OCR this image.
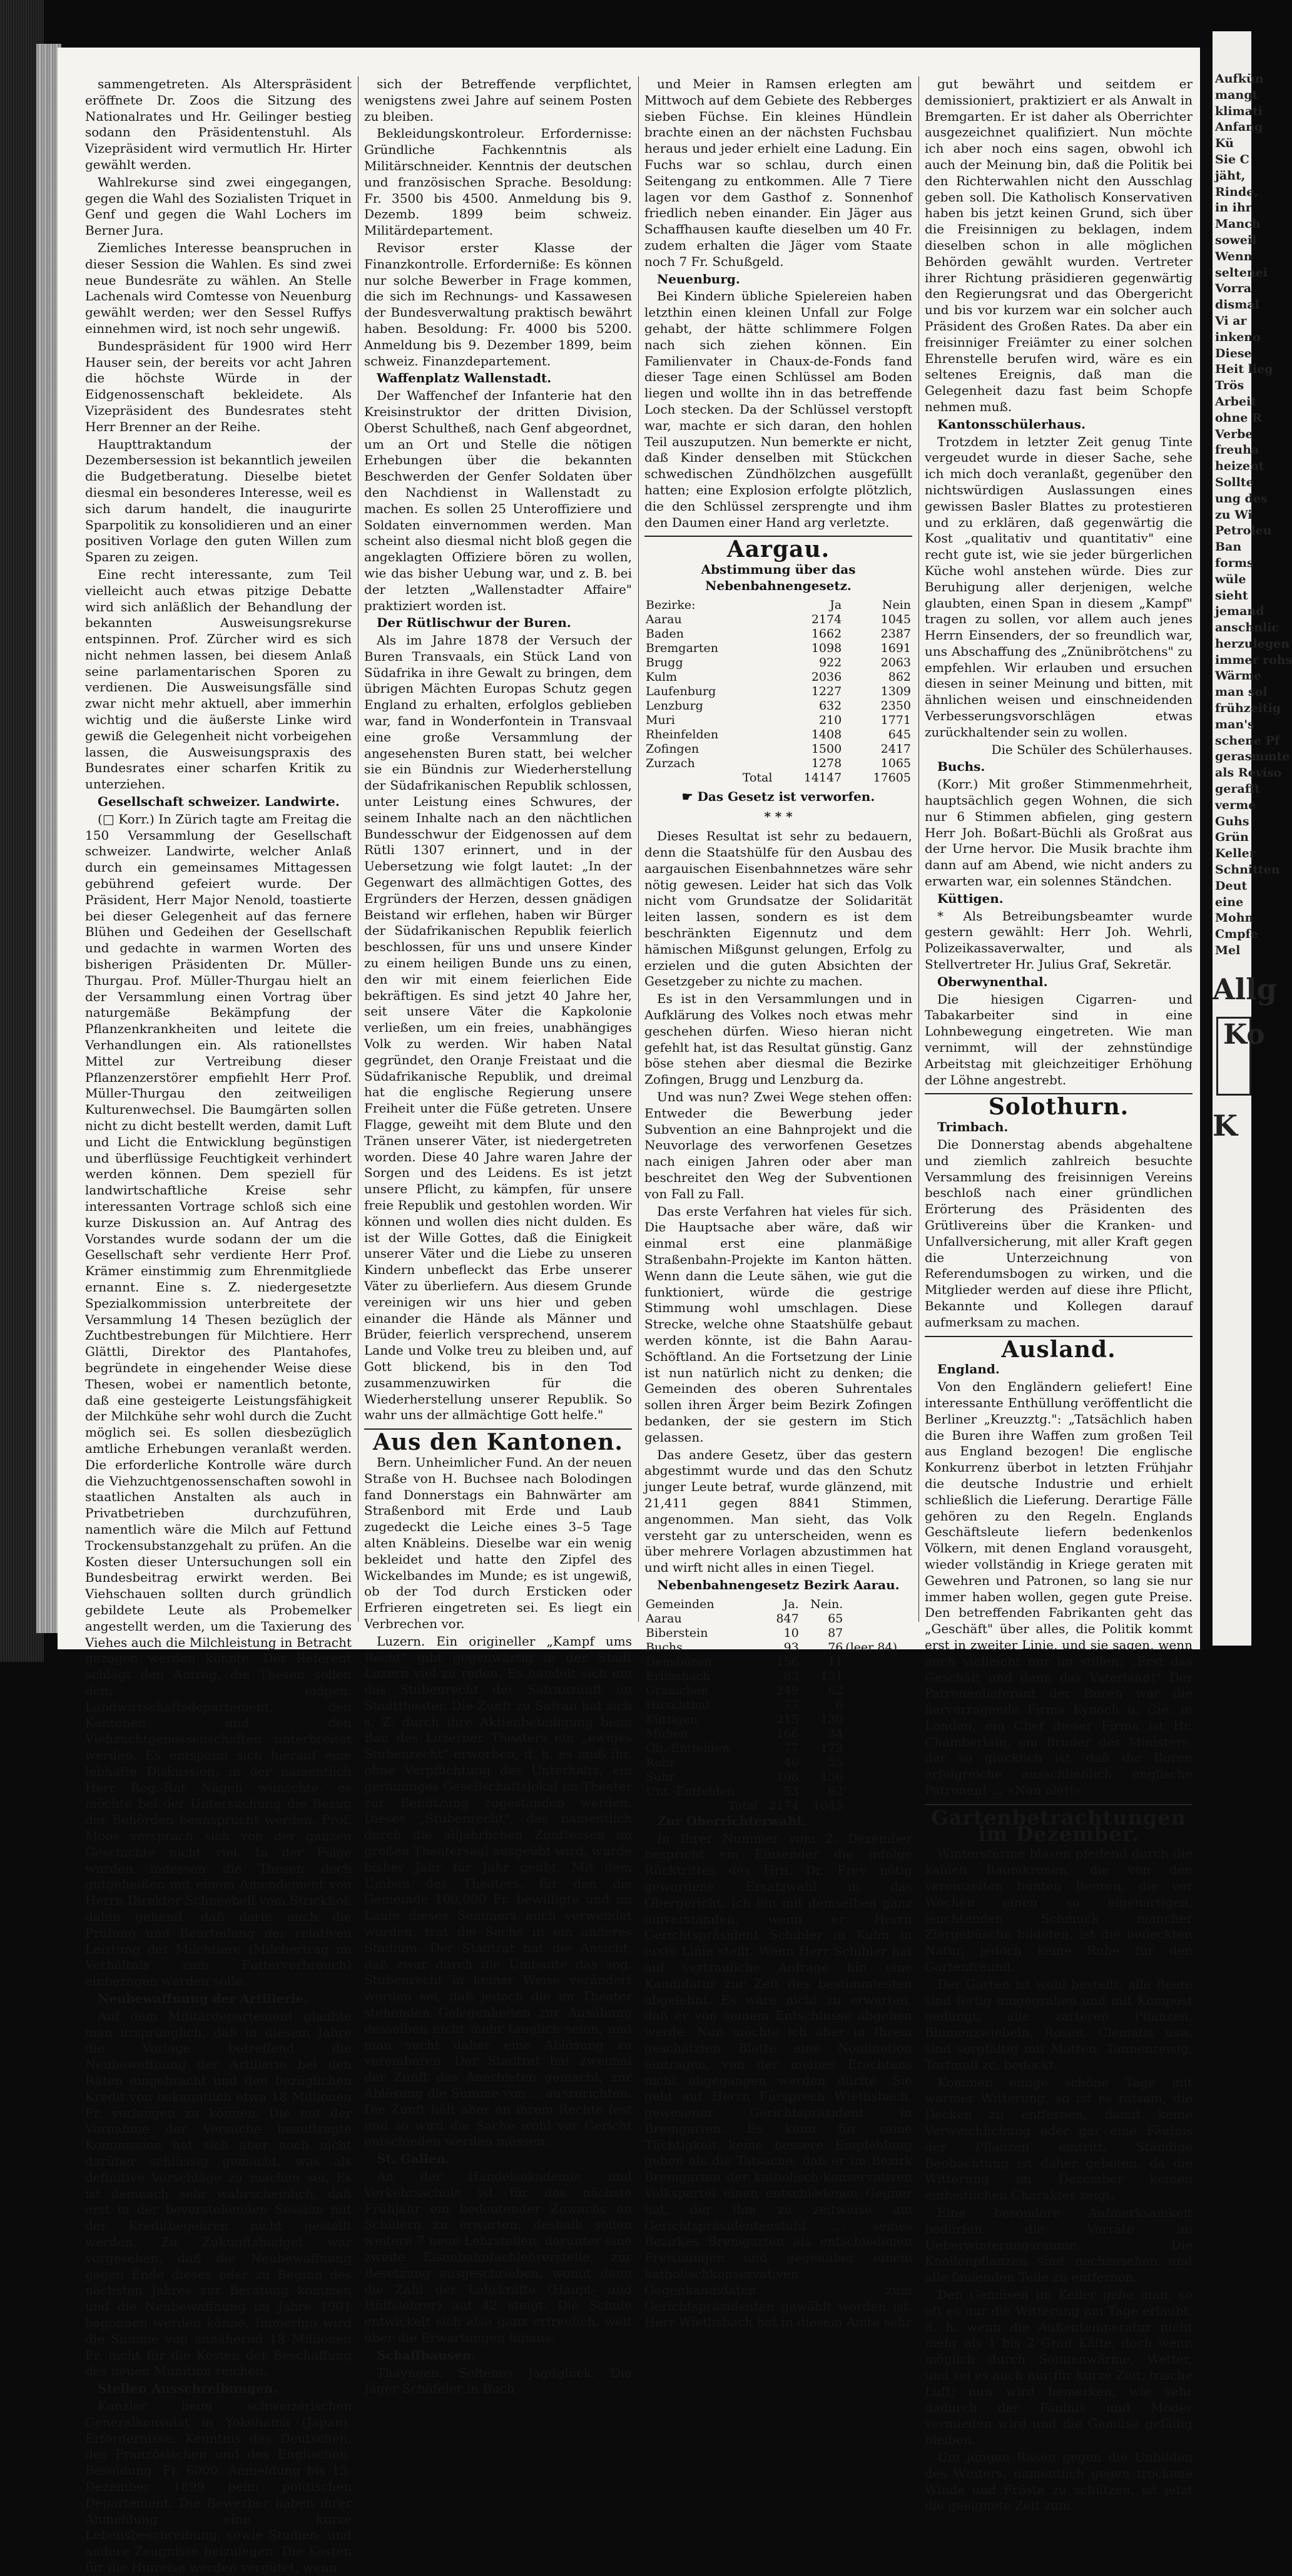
sammengetreten. Als Alterspräsident eröffnete Dr. Zoos die Sitzung des Nationalrates und Hr. Geilinger bestieg sodann den Präsidentenstuhl. Als Vizepräsident wird vermutlich Hr. Hirter gewählt werden.

Wahlrekurse sind zwei eingegangen, gegen die Wahl des Sozialisten Triquet in Genf und gegen die Wahl Lochers im Berner Jura.

Ziemliches Interesse beanspruchen in dieser Session die Wahlen. Es sind zwei neue Bundesräte zu wählen. An Stelle Lachenals wird Comtesse von Neuenburg gewählt werden; wer den Sessel Ruffys einnehmen wird, ist noch sehr ungewiß.

Bundespräsident für 1900 wird Herr Hauser sein, der bereits vor acht Jahren die höchste Würde in der Eidgenossenschaft bekleidete. Als Vizepräsident des Bundesrates steht Herr Brenner an der Reihe.

Haupttraktandum der Dezembersession ist bekanntlich jeweilen die Budgetberatung. Dieselbe bietet diesmal ein besonderes Interesse, weil es sich darum handelt, die inaugurirte Sparpolitik zu konsolidieren und an einer positiven Vorlage den guten Willen zum Sparen zu zeigen.

Eine recht interessante, zum Teil vielleicht auch etwas pitzige Debatte wird sich anläßlich der Behandlung der bekannten Ausweisungsrekurse entspinnen. Prof. Zürcher wird es sich nicht nehmen lassen, bei diesem Anlaß seine parlamentarischen Sporen zu verdienen. Die Ausweisungsfälle sind zwar nicht mehr aktuell, aber immerhin wichtig und die äußerste Linke wird gewiß die Gelegenheit nicht vorbeigehen lassen, die Ausweisungspraxis des Bundesrates einer scharfen Kritik zu unterziehen.

Gesellschaft schweizer. Landwirte.

(□ Korr.) In Zürich tagte am Freitag die 150 Versammlung der Gesellschaft schweizer. Landwirte, welcher Anlaß durch ein gemeinsames Mittagessen gebührend gefeiert wurde. Der Präsident, Herr Major Nenold, toastierte bei dieser Gelegenheit auf das fernere Blühen und Gedeihen der Gesellschaft und gedachte in warmen Worten des bisherigen Präsidenten Dr. Müller-Thurgau. Prof. Müller-Thurgau hielt an der Versammlung einen Vortrag über naturgemäße Bekämpfung der Pflanzenkrankheiten und leitete die Verhandlungen ein. Als rationellstes Mittel zur Vertreibung dieser Pflanzenzerstörer empfiehlt Herr Prof. Müller-Thurgau den zeitweiligen Kulturenwechsel. Die Baumgärten sollen nicht zu dicht bestellt werden, damit Luft und Licht die Entwicklung begünstigen und überflüssige Feuchtigkeit verhindert werden können. Dem speziell für landwirtschaftliche Kreise sehr interessanten Vortrage schloß sich eine kurze Diskussion an. Auf Antrag des Vorstandes wurde sodann der um die Gesellschaft sehr verdiente Herr Prof. Krämer einstimmig zum Ehrenmitgliede ernannt. Eine s. Z. niedergesetzte Spezialkommission unterbreitete der Versammlung 14 Thesen bezüglich der Zuchtbestrebungen für Milchtiere. Herr Glättli, Direktor des Plantahofes, begründete in eingehender Weise diese Thesen, wobei er namentlich betonte, daß eine gesteigerte Leistungsfähigkeit der Milchkühe sehr wohl durch die Zucht möglich sei. Es sollen diesbezüglich amtliche Erhebungen veranlaßt werden. Die erforderliche Kontrolle wäre durch die Viehzuchtgenossenschaften sowohl in staatlichen Anstalten als auch in Privatbetrieben durchzuführen, namentlich wäre die Milch auf Fettund Trockensubstanzgehalt zu prüfen. An die Kosten dieser Untersuchungen soll ein Bundesbeitrag erwirkt werden. Bei Viehschauen sollten durch gründlich gebildete Leute als Probemelker angestellt werden, um die Taxierung des Viehes auch die Milchleistung in Betracht gezogen werden könnte. Der Referent schlägt den Antrag, die Thesen sollen dem eidgen. Landwirtschaftsdepartement, den Kantonen und den Viehzuchtgenossenschaften unterbreitet werden. Es entspann sich hierauf eine lebhafte Diskussion, in der namentlich Herr Reg.-Rat Nägeli wünschte, es möchte bei der Untersuchung die Bezug der Behörden beansprucht werden. Prof. Moos versprach sich von der ganzen Geschichte nicht viel. In der Folge wurden indessen die Thesen doch gutgeheißen mit einem Amendement von Herrn Direktor Schneebeli vom Strickhof, dahin gehend, daß darin auch die Prüfung und Beurteilung der relativen Leistung der Milchtiere (Milchertrag im Verhältnis zum Futterverbrauch) einbezogen werden solle.

Neubewaffnung der Artillerie.

Auf dem Militärdepartement glaubte man ursprünglich, daß in diesem Jahre die Vorlage betreffend die Neubewaffnung der Artillerie bei den Räten eingebracht und den bezüglichen Kredit von bekanntlich etwa 18 Millionen Fr. verlangen zu können. Die mit der Vornahme der Versuche beauftragte Kommission hat sich aber noch nicht darüber schlüssig gemacht, was als definitive Vorschläge zu machen sei. Es ist demnach sehr wahrscheinlich, daß erst in der bevorstehenden Session mit der Kreditbegehren nicht gestellt werden. Zu Zukunftsbudget war vorgesehen, daß die Neubewaffnung gegen Ende dieses oder zu Beginn des nächsten Jahres zur Beratung kommen und die Neubewaffnung im Jahre 1901 begonnen werden könne. Immerhin wird die Summe von annähernd 18 Millionen Fr. nicht für die Kosten der Beschaffung des neuen Munition reichen.

Stellen Ausschreibungen.

Kanzler beim schweizerischen Generalkonsulat in Yokohama (Japan). Erfordernisse: Kenntnis des Deutschen, des Französischen und des Englischen. Besoldung: Fr. 6000. Anmeldung bis 15. Dezember 1899 beim politischen Departement. Die Bewerber haben ihrer Anmeldung eine kurze Lebensbeschreibung, sowie Studien- und andere Zeugnisse beizulegen. Die Kosten für die Hinreise werden vergütet, wenn

sich der Betreffende verpflichtet, wenigstens zwei Jahre auf seinem Posten zu bleiben.

Bekleidungskontroleur. Erfordernisse: Gründliche Fachkenntnis als Militärschneider. Kenntnis der deutschen und französischen Sprache. Besoldung: Fr. 3500 bis 4500. Anmeldung bis 9. Dezemb. 1899 beim schweiz. Militärdepartement.

Revisor erster Klasse der Finanzkontrolle. Erforderniße: Es können nur solche Bewerber in Frage kommen, die sich im Rechnungs- und Kassawesen der Bundesverwaltung praktisch bewährt haben. Besoldung: Fr. 4000 bis 5200. Anmeldung bis 9. Dezember 1899, beim schweiz. Finanzdepartement.

Waffenplatz Wallenstadt.

Der Waffenchef der Infanterie hat den Kreisinstruktor der dritten Division, Oberst Schultheß, nach Genf abgeordnet, um an Ort und Stelle die nötigen Erhebungen über die bekannten Beschwerden der Genfer Soldaten über den Nachdienst in Wallenstadt zu machen. Es sollen 25 Unteroffiziere und Soldaten einvernommen werden. Man scheint also diesmal nicht bloß gegen die angeklagten Offiziere bören zu wollen, wie das bisher Uebung war, und z. B. bei der letzten „Wallenstadter Affaire" praktiziert worden ist.

Der Rütlischwur der Buren.

Als im Jahre 1878 der Versuch der Buren Transvaals, ein Stück Land von Südafrika in ihre Gewalt zu bringen, dem übrigen Mächten Europas Schutz gegen England zu erhalten, erfolglos geblieben war, fand in Wonderfontein in Transvaal eine große Versammlung der angesehensten Buren statt, bei welcher sie ein Bündnis zur Wiederherstellung der Südafrikanischen Republik schlossen, unter Leistung eines Schwures, der seinem Inhalte nach an den nächtlichen Bundesschwur der Eidgenossen auf dem Rütli 1307 erinnert, und in der Uebersetzung wie folgt lautet: „In der Gegenwart des allmächtigen Gottes, des Ergründers der Herzen, dessen gnädigen Beistand wir erflehen, haben wir Bürger der Südafrikanischen Republik feierlich beschlossen, für uns und unsere Kinder zu einem heiligen Bunde uns zu einen, den wir mit einem feierlichen Eide bekräftigen. Es sind jetzt 40 Jahre her, seit unsere Väter die Kapkolonie verließen, um ein freies, unabhängiges Volk zu werden. Wir haben Natal gegründet, den Oranje Freistaat und die Südafrikanische Republik, und dreimal hat die englische Regierung unsere Freiheit unter die Füße getreten. Unsere Flagge, geweiht mit dem Blute und den Tränen unserer Väter, ist niedergetreten worden. Diese 40 Jahre waren Jahre der Sorgen und des Leidens. Es ist jetzt unsere Pflicht, zu kämpfen, für unsere freie Republik und gestohlen worden. Wir können und wollen dies nicht dulden. Es ist der Wille Gottes, daß die Einigkeit unserer Väter und die Liebe zu unseren Kindern unbefleckt das Erbe unserer Väter zu überliefern. Aus diesem Grunde vereinigen wir uns hier und geben einander die Hände als Männer und Brüder, feierlich versprechend, unserem Lande und Volke treu zu bleiben und, auf Gott blickend, bis in den Tod zusammenzuwirken für die Wiederherstellung unserer Republik. So wahr uns der allmächtige Gott helfe."

Aus den Kantonen.

Bern. Unheimlicher Fund. An der neuen Straße von H. Buchsee nach Bolodingen fand Donnerstags ein Bahnwärter am Straßenbord mit Erde und Laub zugedeckt die Leiche eines 3–5 Tage alten Knäbleins. Dieselbe war ein wenig bekleidet und hatte den Zipfel des Wickelbandes im Munde; es ist ungewiß, ob der Tod durch Ersticken oder Erfrieren eingetreten sei. Es liegt ein Verbrechen vor.

Luzern. Ein origineller „Kampf ums Recht" gibt gegenwärtig in der Stadt Luzern viel zu reden. Es handelt sich um das Stubenrecht der Safranzunft im Stadttheater. Die Zunft zu Safran hat sich s. Z. durch ihre Aktienbeteiligung beim Bau des Luzerner Theaters ein „ewiges Stubenrecht" erworben, d. h. es muß ihr, ohne Verpflichtung des Unterhalts, ein geräumiges Gesellschaftslokal im Theater zur Benützung zugestanden werden. Dieses „Stubenrecht", das namentlich durch die alljährlichen Zunftessen im großen Theatersaal ausgeübt wird, wurde bisher Jahr für Jahr geübt. Mit dem Umbau des Theaters, für den die Gemeinde 100,000 Fr. bewilligte und im Laufe dieses Sommers auch verwendet wurden, trat die Sache in ein anderes Stadium. Der Stadtrat hat die Ansicht, daß zwar durch die Umbaute das sog. Stubenrecht in keiner Weise verändert worden sei, daß jedoch die im Theater stehenden Gelegenheiten zur Ausübung desselben nicht mehr tauglich seien, und man sucht daher eine Ablösung zu vereinbaren. Der Stadtrat hat zweimal der Zunft das Anerbieten gemacht, zur Ablösung die Summe von ... auszurichten. Die Zunft hält aber an ihrem Rechte fest und so wird die Sache wohl vor Gericht entschieden werden müssen.

St. Gallen.

An der Handelsakademie und Verkehrsschule ist für das nächste Frühjahr ein bedeutender Zuwachs an Schülern zu erwarten; deshalb sollen weitere 7 neue Lehrstellen, darunter eine zweite Eisenbahnfachlehrerstelle, zur Besetzung ausgeschrieben, womit dann die Zahl der Lehrkräfte (Haupt- und Hülfslehrer) auf 42 steigt. Die Schule entwickelt sich also ganz erfreulich, weit über die Erwartungen hinaus.

Schaffhausen.

Thayngen. Seltenes Jagdglück. Die Jäger Schäfeler in Buch

und Meier in Ramsen erlegten am Mittwoch auf dem Gebiete des Rebberges sieben Füchse. Ein kleines Hündlein brachte einen an der nächsten Fuchsbau heraus und jeder erhielt eine Ladung. Ein Fuchs war so schlau, durch einen Seitengang zu entkommen. Alle 7 Tiere lagen vor dem Gasthof z. Sonnenhof friedlich neben einander. Ein Jäger aus Schaffhausen kaufte dieselben um 40 Fr. zudem erhalten die Jäger vom Staate noch 7 Fr. Schußgeld.

Neuenburg.

Bei Kindern übliche Spielereien haben letzthin einen kleinen Unfall zur Folge gehabt, der hätte schlimmere Folgen nach sich ziehen können. Ein Familienvater in Chaux-de-Fonds fand dieser Tage einen Schlüssel am Boden liegen und wollte ihn in das betreffende Loch stecken. Da der Schlüssel verstopft war, machte er sich daran, den hohlen Teil auszuputzen. Nun bemerkte er nicht, daß Kinder denselben mit Stückchen schwedischen Zündhölzchen ausgefüllt hatten; eine Explosion erfolgte plötzlich, die den Schlüssel zersprengte und ihm den Daumen einer Hand arg verletzte.

Aargau.
Abstimmung über das Nebenbahnengesetz.
Bezirke:	Ja	Nein
Aarau	2174	1045
Baden	1662	2387
Bremgarten	1098	1691
Brugg	922	2063
Kulm	2036	862
Laufenburg	1227	1309
Lenzburg	632	2350
Muri	210	1771
Rheinfelden	1408	645
Zofingen	1500	2417
Zurzach	1278	1065
Total	14147	17605
☛ Das Gesetz ist verworfen.
* * *

Dieses Resultat ist sehr zu bedauern, denn die Staatshülfe für den Ausbau des aargauischen Eisenbahnnetzes wäre sehr nötig gewesen. Leider hat sich das Volk nicht vom Grundsatze der Solidarität leiten lassen, sondern es ist dem beschränkten Eigennutz und dem hämischen Mißgunst gelungen, Erfolg zu erzielen und die guten Absichten der Gesetzgeber zu nichte zu machen.

Es ist in den Versammlungen und in Aufklärung des Volkes noch etwas mehr geschehen dürfen. Wieso hieran nicht gefehlt hat, ist das Resultat günstig. Ganz böse stehen aber diesmal die Bezirke Zofingen, Brugg und Lenzburg da.

Und was nun? Zwei Wege stehen offen: Entweder die Bewerbung jeder Subvention an eine Bahnprojekt und die Neuvorlage des verworfenen Gesetzes nach einigen Jahren oder aber man beschreitet den Weg der Subventionen von Fall zu Fall.

Das erste Verfahren hat vieles für sich. Die Hauptsache aber wäre, daß wir einmal erst eine planmäßige Straßenbahn-Projekte im Kanton hätten. Wenn dann die Leute sähen, wie gut die funktioniert, würde die gestrige Stimmung wohl umschlagen. Diese Strecke, welche ohne Staatshülfe gebaut werden könnte, ist die Bahn Aarau-Schöftland. An die Fortsetzung der Linie ist nun natürlich nicht zu denken; die Gemeinden des oberen Suhrentales sollen ihren Ärger beim Bezirk Zofingen bedanken, der sie gestern im Stich gelassen.

Das andere Gesetz, über das gestern abgestimmt wurde und das den Schutz junger Leute betraf, wurde glänzend, mit 21,411 gegen 8841 Stimmen, angenommen. Man sieht, das Volk versteht gar zu unterscheiden, wenn es über mehrere Vorlagen abzustimmen hat und wirft nicht alles in einen Tiegel.

Nebenbahnengesetz Bezirk Aarau.
Gemeinden	Ja.	Nein.	
Aarau	847	65	
Biberstein	10	87	
Buchs	93	76	(leer 84)
Densbüren	156	11	
Erlinsbach	83	131	
Gränichen	249	62	
Hirschthal	77	6	
Küttigen	215	130	
Muhen	166	34	
Ob.-Entfelden	77	173	
Rohr	40	55	
Suhr	108	156	
Unt.-Entfelden	53	62	
Total	2174	1045	

Zur Oberrichterwahl.

In Ihrer Nummer vom 2. Dezember bespricht ein Einsender die infolge Rücktrittes des Hrn. Dr. Frey nötig gewordene Ersatzwahl in das Obergericht. Ich bin mit demselben ganz einverstanden, wenn er Herrn Gerichtspräsident Schibler in Kulm in erste Linie stellt. Wenn Herr Schibler hat auf vertrauliche Anfrage hin eine Kandidatur zur Zeit des bestimmtesten abgelehnt. Es wäre nicht zu erwarten, daß er von seinem Entschlusse abgehen werde. Nun möchte ich aber in Ihrem geschätzten Blatte eine Nomination eintragen, von der meines Erachtens nicht abgegangen werden dürfte. Sie geht auf Herrn Fürsprech Wietlisbach, gewesener Gerichtspräsident in Bremgarten. Es kann für seine Tüchtigkeit keine bessere Empfehlung geben als die Tatsache, daß er im Bezirk Bremgarten der katholisch-konservativen Volkspartei einen entschiedenen Gegner hat, der ihm zu zeitweise am Gerichtspräsidentenstuhl ... seines Bezirkes Bremgarten als entschiedenen Freisinnigen und gegenüber einem katholischkonservativen Gegenkandidaten zum Gerichtspräsidenten gewählt worden ist. Herr Wietlisbach hat in diesem Amte sehr

gut bewährt und seitdem er demissioniert, praktiziert er als Anwalt in Bremgarten. Er ist daher als Oberrichter ausgezeichnet qualifiziert. Nun möchte ich aber noch eins sagen, obwohl ich auch der Meinung bin, daß die Politik bei den Richterwahlen nicht den Ausschlag geben soll. Die Katholisch Konservativen haben bis jetzt keinen Grund, sich über die Freisinnigen zu beklagen, indem dieselben schon in alle möglichen Behörden gewählt wurden. Vertreter ihrer Richtung präsidieren gegenwärtig den Regierungsrat und das Obergericht und bis vor kurzem war ein solcher auch Präsident des Großen Rates. Da aber ein freisinniger Freiämter zu einer solchen Ehrenstelle berufen wird, wäre es ein seltenes Ereignis, daß man die Gelegenheit dazu fast beim Schopfe nehmen muß.

Kantonsschülerhaus.

Trotzdem in letzter Zeit genug Tinte vergeudet wurde in dieser Sache, sehe ich mich doch veranlaßt, gegenüber den nichtswürdigen Auslassungen eines gewissen Basler Blattes zu protestieren und zu erklären, daß gegenwärtig die Kost „qualitativ und quantitativ" eine recht gute ist, wie sie jeder bürgerlichen Küche wohl anstehen würde. Dies zur Beruhigung aller derjenigen, welche glaubten, einen Span in diesem „Kampf" tragen zu sollen, vor allem auch jenes Herrn Einsenders, der so freundlich war, uns Abschaffung des „Znünibrötchens" zu empfehlen. Wir erlauben und ersuchen diesen in seiner Meinung und bitten, mit ähnlichen weisen und einschneidenden Verbesserungsvorschlägen etwas zurückhaltender sein zu wollen.

Die Schüler des Schülerhauses.

Buchs.

(Korr.) Mit großer Stimmenmehrheit, hauptsächlich gegen Wohnen, die sich nur 6 Stimmen abfielen, ging gestern Herr Joh. Boßart-Büchli als Großrat aus der Urne hervor. Die Musik brachte ihm dann auf am Abend, wie nicht anders zu erwarten war, ein solennes Ständchen.

Küttigen.

* Als Betreibungsbeamter wurde gestern gewählt: Herr Joh. Wehrli, Polizeikassaverwalter, und als Stellvertreter Hr. Julius Graf, Sekretär.

Oberwynenthal.

Die hiesigen Cigarren- und Tabakarbeiter sind in eine Lohnbewegung eingetreten. Wie man vernimmt, will der zehnstündige Arbeitstag mit gleichzeitiger Erhöhung der Löhne angestrebt.

Solothurn.

Trimbach.

Die Donnerstag abends abgehaltene und ziemlich zahlreich besuchte Versammlung des freisinnigen Vereins beschloß nach einer gründlichen Erörterung des Präsidenten des Grütlivereins über die Kranken- und Unfallversicherung, mit aller Kraft gegen die Unterzeichnung von Referendumsbogen zu wirken, und die Mitglieder werden auf diese ihre Pflicht, Bekannte und Kollegen darauf aufmerksam zu machen.

Ausland.

England.

Von den Engländern geliefert! Eine interessante Enthüllung veröffentlicht die Berliner „Kreuzztg.": „Tatsächlich haben die Buren ihre Waffen zum großen Teil aus England bezogen! Die englische Konkurrenz überbot in letzten Frühjahr die deutsche Industrie und erhielt schließlich die Lieferung. Derartige Fälle gehören zu den Regeln. Englands Geschäftsleute liefern bedenkenlos Völkern, mit denen England vorausgeht, wieder vollständig in Kriege geraten mit Gewehren und Patronen, so lang sie nur immer haben wollen, gegen gute Preise. Den betreffenden Fabrikanten geht das „Geschäft" über alles, die Politik kommt erst in zweiter Linie, und sie sagen, wenn auch vielleicht nur im stillen: „Erst das Geschäft und dann das Vaterland!" Der Patronenlieferant der Buren war die hervorragende Firma Kynoch u. Cie. in London, ein Chef dieser Firma ist Hr. Chamberlain, ein Bruder des Ministers, der so glücklich ist, daß die Buren erfolgreiche ausschließlich englische Patronen! ... »Non olet!«

Gartenbetrachtungen im Dezember.

Winterstürme blasen pfeifend durch die kahlen Baumkronen, die von den vereinzelten bunten Beeren, die vor Wochen einen so eigenartigen, leuchtenden Schmuck mancher Ziergebüsche bildeten, ist die bedeckten Natur, jedoch keine Ruhe für den Gartenfreund.

Der Garten ist wohl bestellt: alle Beete sind fertig umgegraben und mit Kompost gedüngt; alle zarteren Pflanzen, Blumenzwiebeln, Rosen, Clematis usw. sind sorgfältig mit Matten, Tannenreisig, Torfmull zc. bedeckt.

Kommen einige schöne Tage mit warmer Witterung, so ist es ratsam, die Decken zu entfernen, damit keine Verweichlichung oder gar eine Fäulnis der Pflanzen eintritt. Ständige Beobachtung ist daher geboten, da die Witterung im Dezember keinen einheitlichen Charakter zeigt.

Eine besondere Aufmerksamkeit bedürfen die Vorräte im Ueberwinterungsraume. Die Knollenpflanzen sind nachzusehen und alle faulenden Teile zu entfernen.

Den Gemüsen im Keller gebe man, so oft es nur die Witterung am Tage erlaubt, d. h. wenn die Außentemperatur nicht mehr als 1 bis 2 Grad Kälte, doch wenn möglich durch Sonnenwärme, Wetter, und sei es auch nur für kurze Zeit, frische Luft; nun wird bemerken, wie sehr dadurch der Fäulnis und Moder vermieden wird und die Gemüse gefällig bleiben.

Um jungen Rasen gegen die Unbilden des Winters, namentlich gegen trockene Winde und Fröste zu schützen, ist jetzt die geeignete Zeit zum

Aufkün
mangt
klimati
Anfang
Kü
Sie C
jäht,
Rinde,
in ihr
Manch
soweil
Wenn
seltenei
Vorra
dismal
Vi ar
inkeno
Diese
Heit lieg
Trös
Arbeit
ohne R
Verbe
freuha
heizent
Sollte
ung des
zu Wi
Petroleu
Ban
forms
wüle
sieht
jemand
anschnlic
herzulegen
immer rohs
Wärme
man sol
frühzeitig
man's
schene Pf
gerasmmte
als Reviso
gerafft
verme
Guhs
Grün
Keller
Schnitten
Deut
eine
Mohn
Cmpfe
Mel
Allg
Ko
K
